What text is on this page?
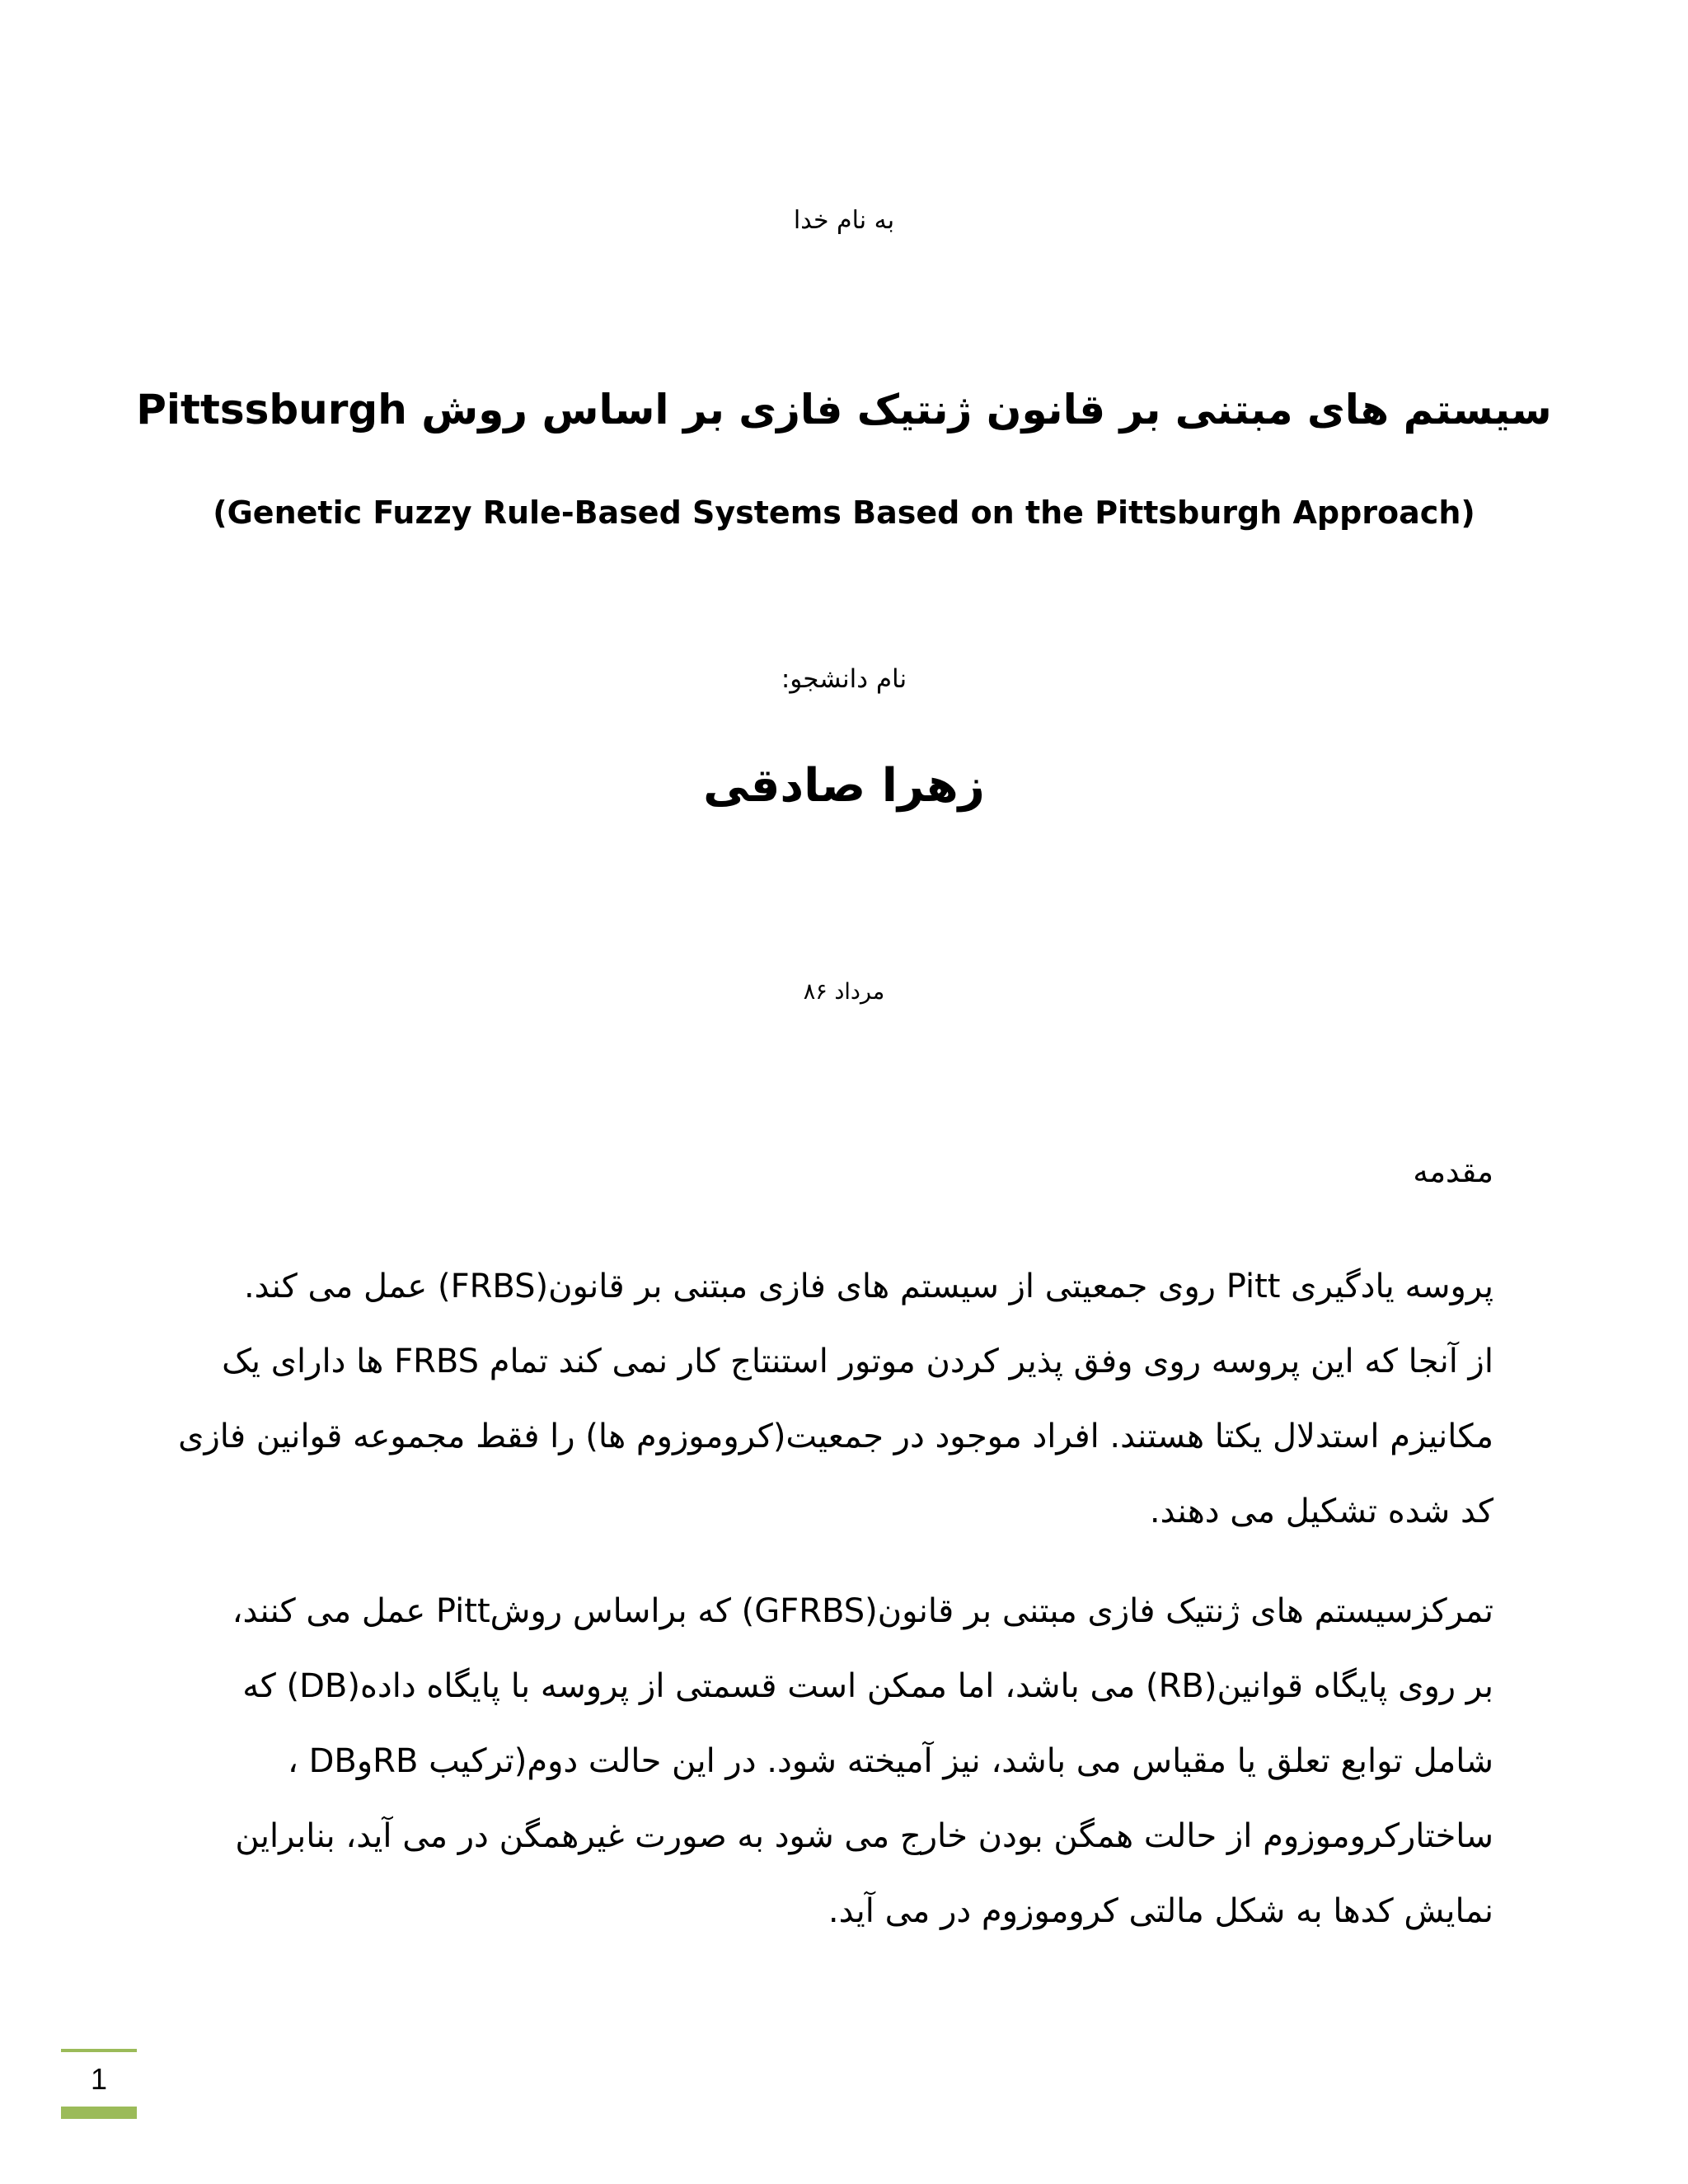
به نام خدا
سیستم های مبتنی بر قانون ژنتیک فازی بر اساس روش Pittssburgh
(Genetic Fuzzy Rule-Based Systems Based on the Pittsburgh Approach)
نام دانشجو:
زهرا صادقی
مرداد ۸۶
مقدمه
پروسه یادگیری Pitt روی جمعیتی از سیستم های فازی مبتنی بر قانون(FRBS) عمل می کند.
از آنجا که این پروسه روی وفق پذیر کردن موتور استنتاج کار نمی کند تمام FRBS ها دارای یک
مکانیزم استدلال یکتا هستند. افراد موجود در جمعیت(کروموزوم ها) را فقط مجموعه قوانین فازی
کد شده تشکیل می دهند.
تمرکزسیستم های ژنتیک فازی مبتنی بر قانون(GFRBS) که براساس روشPitt عمل می کنند،
بر روی پایگاه قوانین(RB) می باشد، اما ممکن است قسمتی از پروسه با پایگاه داده(DB) که
شامل توابع تعلق یا مقیاس می باشد، نیز آمیخته شود. در این حالت دوم(ترکیب RBوDB ،
ساختارکروموزوم از حالت همگن بودن خارج می شود به صورت غیرهمگن در می آید، بنابراین
نمایش کدها به شکل مالتی کروموزوم در می آید.
1
